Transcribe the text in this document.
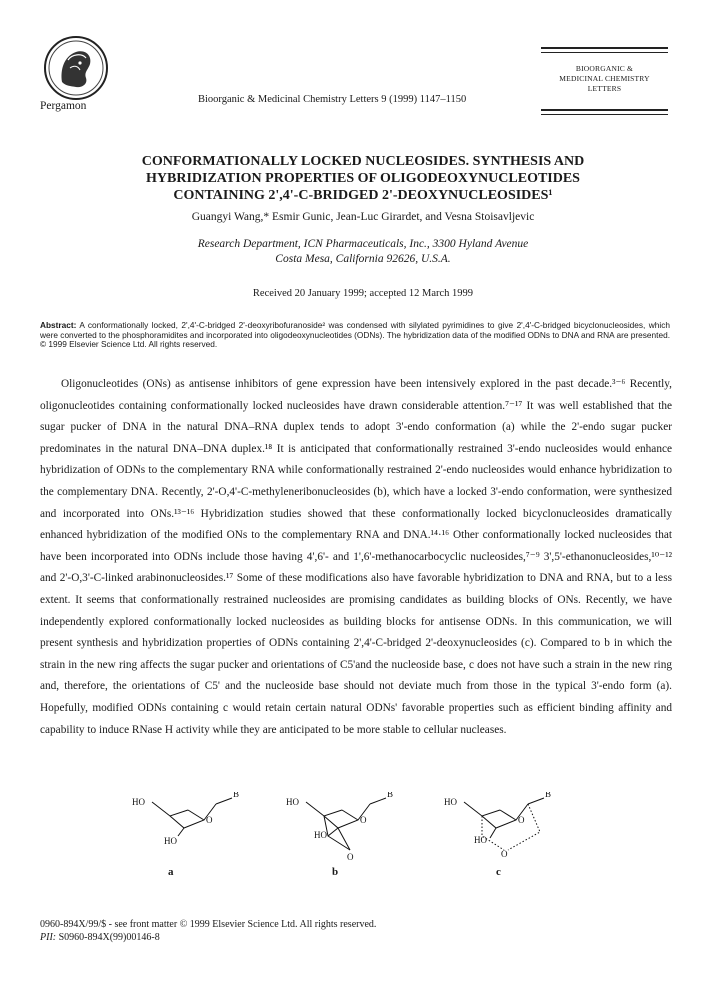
Pergamon
Bioorganic & Medicinal Chemistry Letters 9 (1999) 1147–1150
BIOORGANIC &
MEDICINAL CHEMISTRY
LETTERS
CONFORMATIONALLY LOCKED NUCLEOSIDES. SYNTHESIS AND
HYBRIDIZATION PROPERTIES OF OLIGODEOXYNUCLEOTIDES
CONTAINING 2',4'-C-BRIDGED 2'-DEOXYNUCLEOSIDES¹
Guangyi Wang,* Esmir Gunic, Jean-Luc Girardet, and Vesna Stoisavljevic
Research Department, ICN Pharmaceuticals, Inc., 3300 Hyland Avenue
Costa Mesa, California 92626, U.S.A.
Received 20 January 1999; accepted 12 March 1999
Abstract: A conformationally locked, 2',4'-C-bridged 2'-deoxyribofuranoside² was condensed with silylated pyrimidines to give 2',4'-C-bridged bicyclonucleosides, which were converted to the phosphoramidites and incorporated into oligodeoxynucleotides (ODNs). The hybridization data of the modified ODNs to DNA and RNA are presented. © 1999 Elsevier Science Ltd. All rights reserved.
Oligonucleotides (ONs) as antisense inhibitors of gene expression have been intensively explored in the past decade.³⁻⁶ Recently, oligonucleotides containing conformationally locked nucleosides have drawn considerable attention.⁷⁻¹⁷ It was well established that the sugar pucker of DNA in the natural DNA–RNA duplex tends to adopt 3'-endo conformation (a) while the 2'-endo sugar pucker predominates in the natural DNA–DNA duplex.¹⁸ It is anticipated that conformationally restrained 3'-endo nucleosides would enhance hybridization of ODNs to the complementary RNA while conformationally restrained 2'-endo nucleosides would enhance hybridization to the complementary DNA. Recently, 2'-O,4'-C-methyleneribonucleosides (b), which have a locked 3'-endo conformation, were synthesized and incorporated into ONs.¹³⁻¹⁶ Hybridization studies showed that these conformationally locked bicyclonucleosides dramatically enhanced hybridization of the modified ONs to the complementary RNA and DNA.¹⁴·¹⁶ Other conformationally locked nucleosides that have been incorporated into ODNs include those having 4',6'- and 1',6'-methanocarbocyclic nucleosides,⁷⁻⁹ 3',5'-ethanonucleosides,¹⁰⁻¹² and 2'-O,3'-C-linked arabinonucleosides.¹⁷ Some of these modifications also have favorable hybridization to DNA and RNA, but to a less extent. It seems that conformationally restrained nucleosides are promising candidates as building blocks of ONs. Recently, we have independently explored conformationally locked nucleosides as building blocks for antisense ODNs. In this communication, we will present synthesis and hybridization properties of ODNs containing 2',4'-C-bridged 2'-deoxynucleosides (c). Compared to b in which the strain in the new ring affects the sugar pucker and orientations of C5'and the nucleoside base, c does not have such a strain in the new ring and, therefore, the orientations of C5' and the nucleoside base should not deviate much from those in the typical 3'-endo form (a). Hopefully, modified ODNs containing c would retain certain natural ODNs' favorable properties such as efficient binding affinity and capability to induce RNase H activity while they are anticipated to be more stable to cellular nucleases.
HO
HO
O
B
HO
HO
O
O
B
HO
HO
O
O
B
a	b	c
0960-894X/99/$ - see front matter © 1999 Elsevier Science Ltd. All rights reserved.
PII: S0960-894X(99)00146-8
